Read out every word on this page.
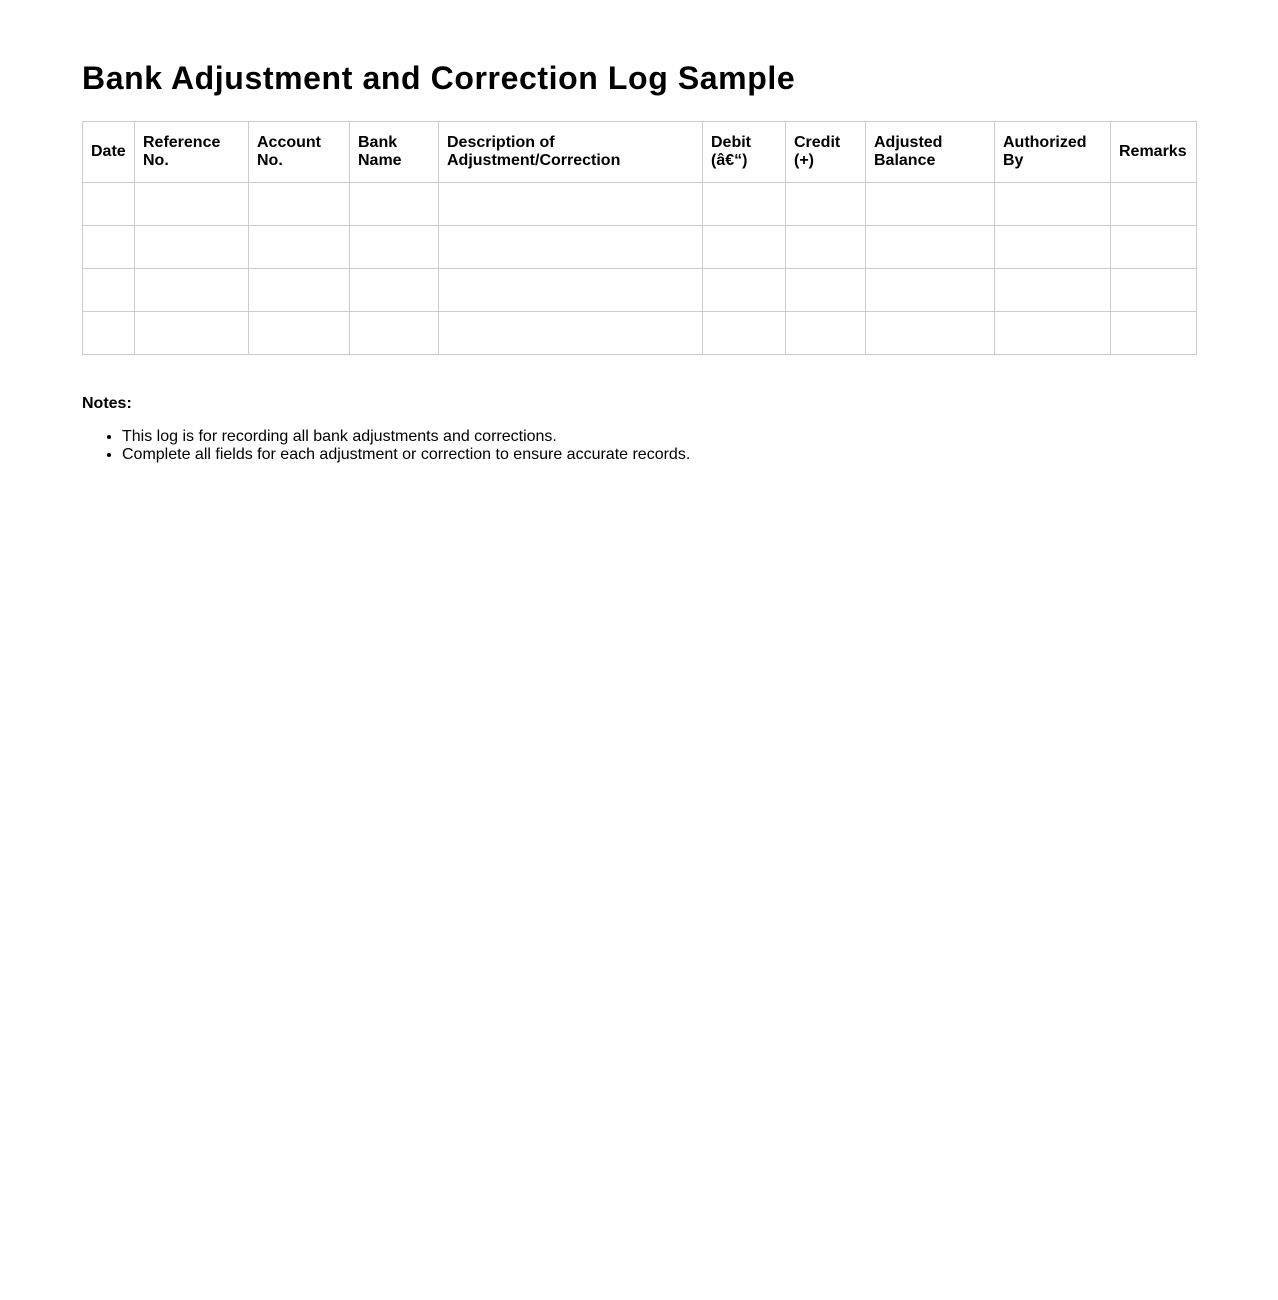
Bank Adjustment and Correction Log Sample
Date	Reference No.	Account No.	Bank Name	Description of Adjustment/Correction	Debit (â€“)	Credit (+)	Adjusted Balance	Authorized By	Remarks

Notes:
• This log is for recording all bank adjustments and corrections.
• Complete all fields for each adjustment or correction to ensure accurate records.
